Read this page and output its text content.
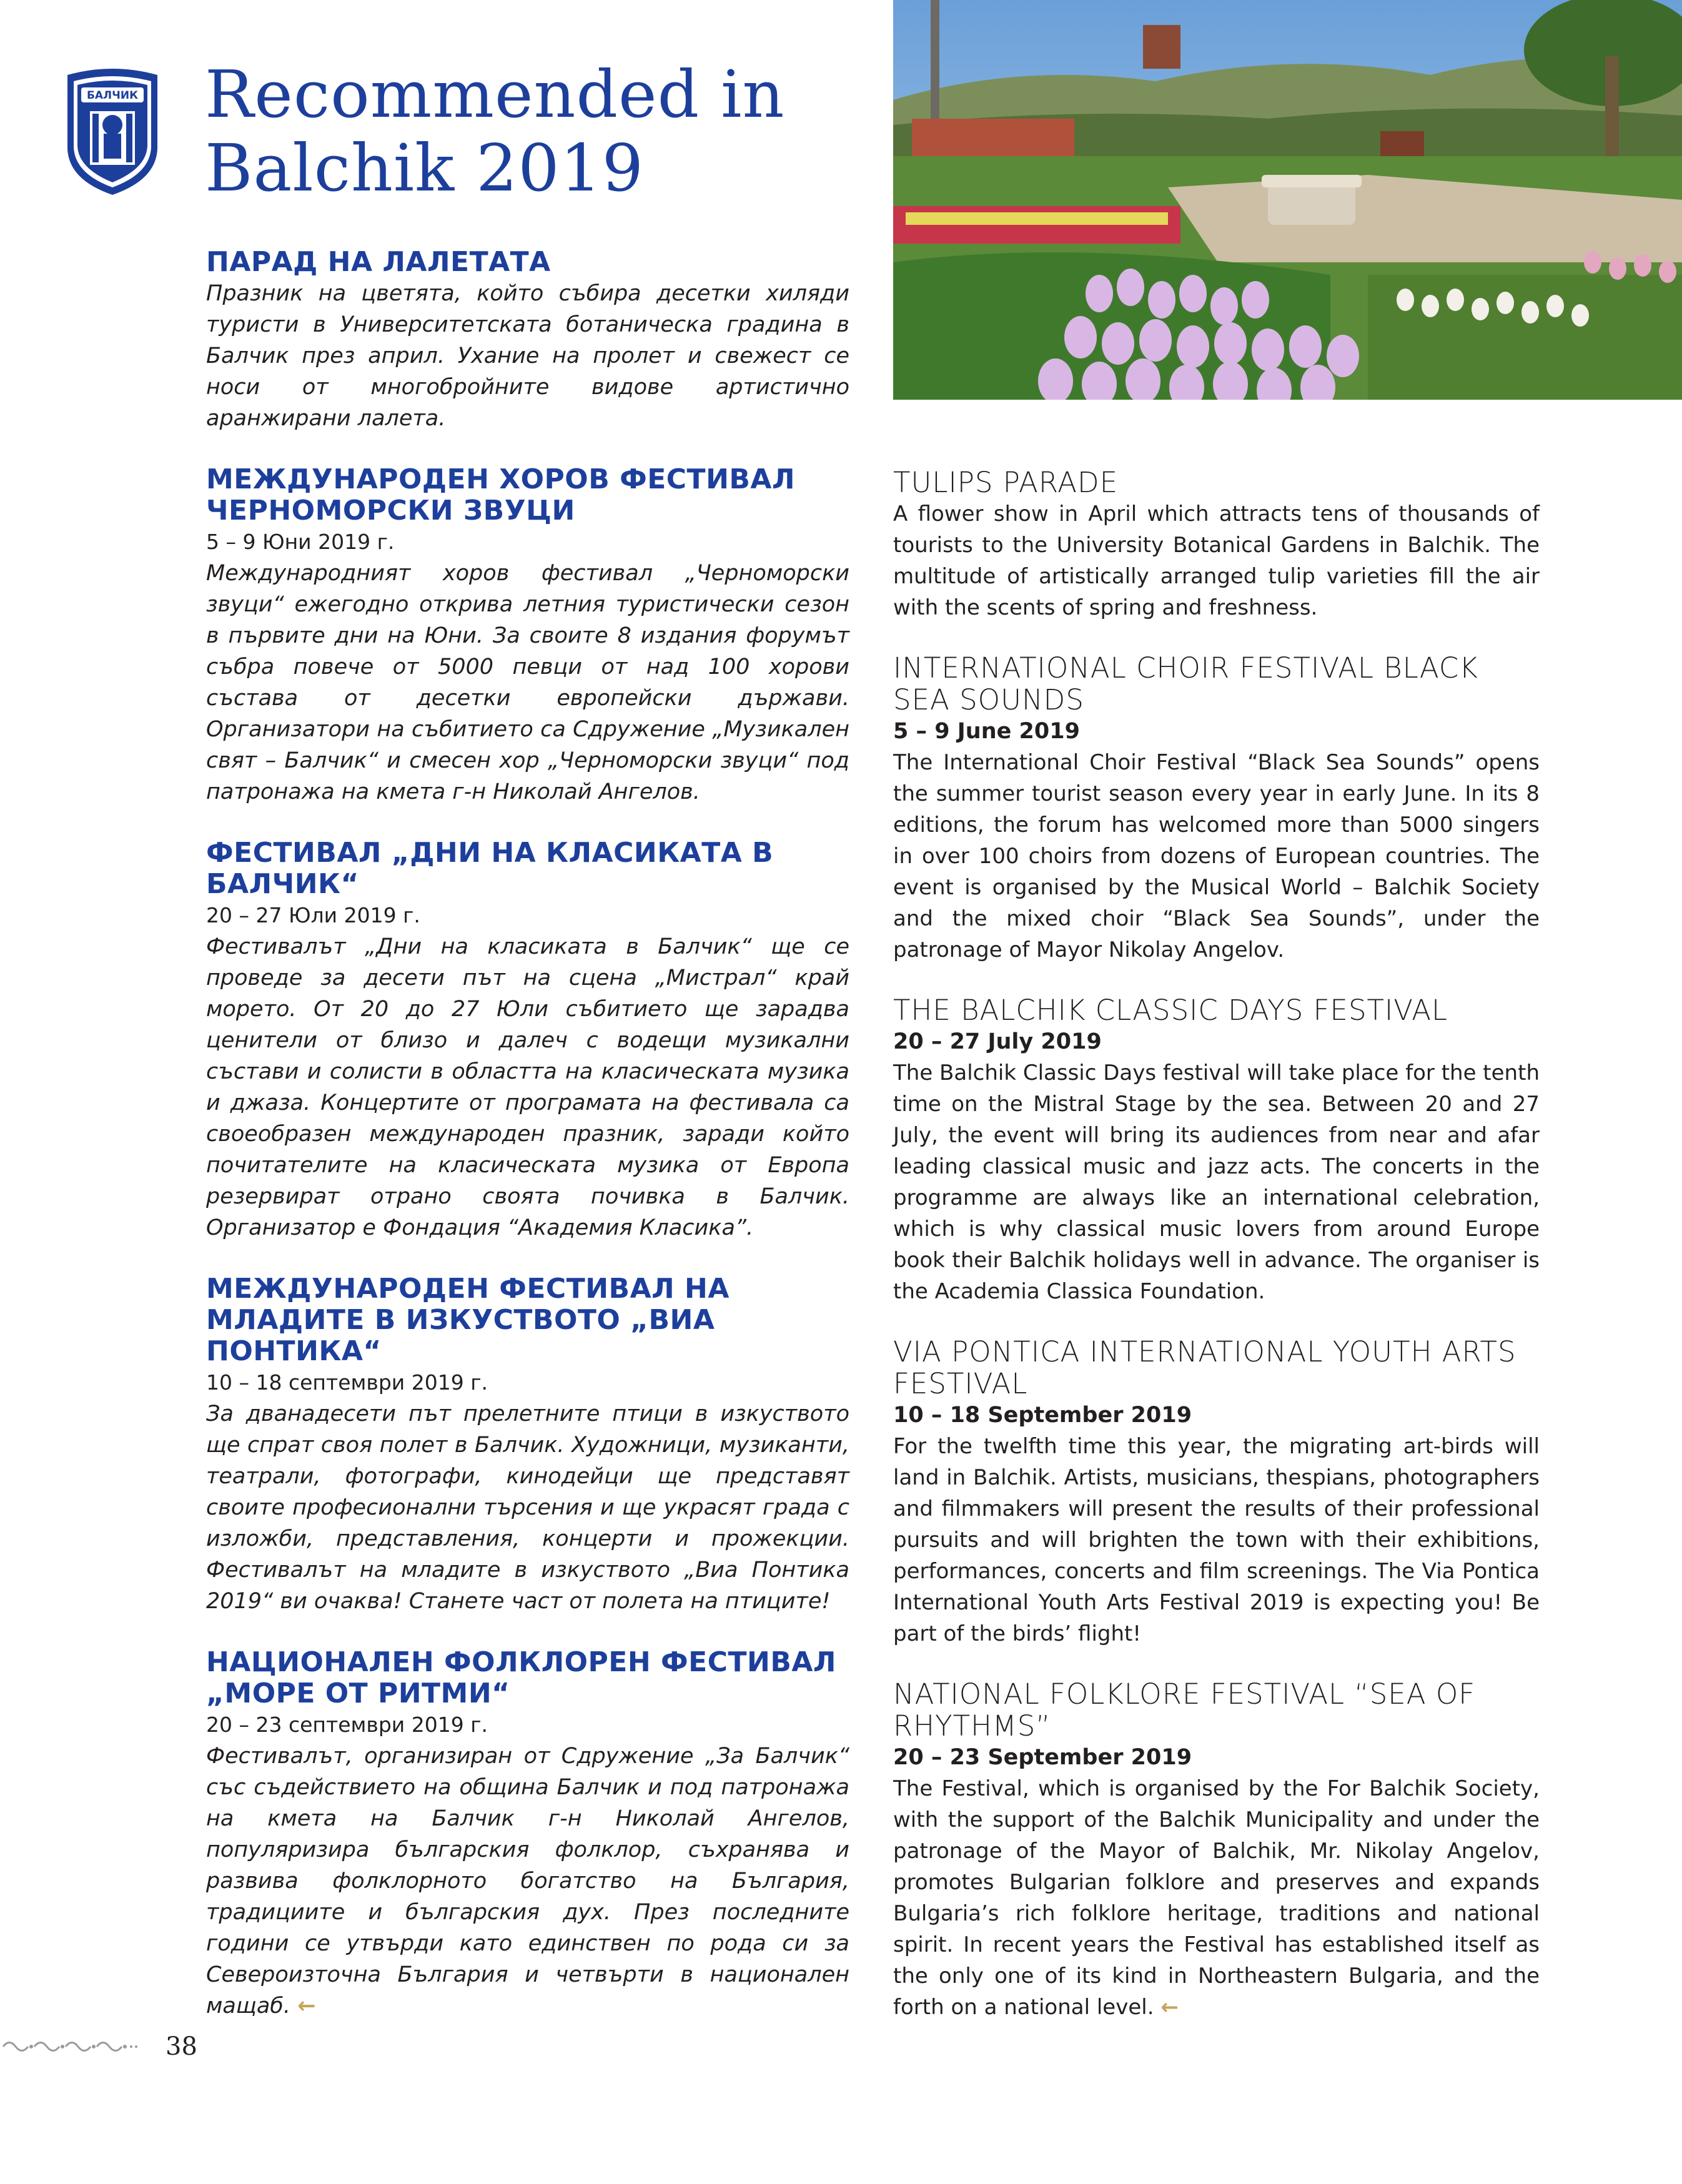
БАЛЧИК Recommended in Balchik 2019
ПАРАД НА ЛАЛЕТАТА
Празник на цветята, който събира десетки хиляди туристи в Университетската ботаническа градина в Балчик през април. Ухание на пролет и свежест се носи от многобройните видове артистично аранжирани лалета.
МЕЖДУНАРОДЕН ХОРОВ ФЕСТИВАЛ ЧЕРНОМОРСКИ ЗВУЦИ
5 – 9 Юни 2019 г.
Международният хоров фестивал „Черноморски звуци“ ежегодно открива летния туристически сезон в първите дни на Юни. За своите 8 издания форумът събра повече от 5000 певци от над 100 хорови състава от десетки европейски държави. Организатори на събитието са Сдружение „Музикален свят – Балчик“ и смесен хор „Черноморски звуци“ под патронажа на кмета г-н Николай Ангелов.
ФЕСТИВАЛ „ДНИ НА КЛАСИКАТА В БАЛЧИК“
20 – 27 Юли 2019 г.
Фестивалът „Дни на класиката в Балчик“ ще се проведе за десети път на сцена „Мистрал“ край морето. От 20 до 27 Юли събитието ще зарадва ценители от близо и далеч с водещи музикални състави и солисти в областта на класическата музика и джаза. Концертите от програмата на фестивала са своеобразен международен празник, заради който почитателите на класическата музика от Европа резервират отрано своята почивка в Балчик. Организатор е Фондация “Академия Класика”.
МЕЖДУНАРОДЕН ФЕСТИВАЛ НА МЛАДИТЕ В ИЗКУСТВОТО „ВИА ПОНТИКА“
10 – 18 септември 2019 г.
За дванадесети път прелетните птици в изкуството ще спрат своя полет в Балчик. Художници, музиканти, театрали, фотографи, кинодейци ще представят своите професионални търсения и ще украсят града с изложби, представления, концерти и прожекции. Фестивалът на младите в изкуството „Виа Понтика 2019“ ви очаква! Станете част от полета на птиците!
НАЦИОНАЛЕН ФОЛКЛОРЕН ФЕСТИВАЛ „МОРЕ ОТ РИТМИ“
20 – 23 септември 2019 г.
Фестивалът, организиран от Сдружение „За Балчик“ със съдействието на община Балчик и под патронажа на кмета на Балчик г-н Николай Ангелов, популяризира българския фолклор, съхранява и развива фолклорното богатство на България, традициите и българския дух. През последните години се утвърди като единствен по рода си за Североизточна България и четвърти в национален мащаб. ←
TULIPS PARADE
A flower show in April which attracts tens of thousands of tourists to the University Botanical Gardens in Balchik. The multitude of artistically arranged tulip varieties fill the air with the scents of spring and freshness.
INTERNATIONAL CHOIR FESTIVAL BLACK SEA SOUNDS
5 – 9 June 2019
The International Choir Festival “Black Sea Sounds” opens the summer tourist season every year in early June. In its 8 editions, the forum has welcomed more than 5000 singers in over 100 choirs from dozens of European countries. The event is organised by the Musical World – Balchik Society and the mixed choir “Black Sea Sounds”, under the patronage of Mayor Nikolay Angelov.
THE BALCHIK CLASSIC DAYS FESTIVAL
20 – 27 July 2019
The Balchik Classic Days festival will take place for the tenth time on the Mistral Stage by the sea. Between 20 and 27 July, the event will bring its audiences from near and afar leading classical music and jazz acts. The concerts in the programme are always like an international celebration, which is why classical music lovers from around Europe book their Balchik holidays well in advance. The organiser is the Academia Classica Foundation.
VIA PONTICA INTERNATIONAL YOUTH ARTS FESTIVAL
10 – 18 September 2019
For the twelfth time this year, the migrating art-birds will land in Balchik. Artists, musicians, thespians, photographers and filmmakers will present the results of their professional pursuits and will brighten the town with their exhibitions, performances, concerts and film screenings. The Via Pontica International Youth Arts Festival 2019 is expecting you! Be part of the birds’ flight!
NATIONAL FOLKLORE FESTIVAL “SEA OF RHYTHMS”
20 – 23 September 2019
The Festival, which is organised by the For Balchik Society, with the support of the Balchik Municipality and under the patronage of the Mayor of Balchik, Mr. Nikolay Angelov, promotes Bulgarian folklore and preserves and expands Bulgaria’s rich folklore heritage, traditions and national spirit. In recent years the Festival has established itself as the only one of its kind in Northeastern Bulgaria, and the forth on a national level. ←
38
